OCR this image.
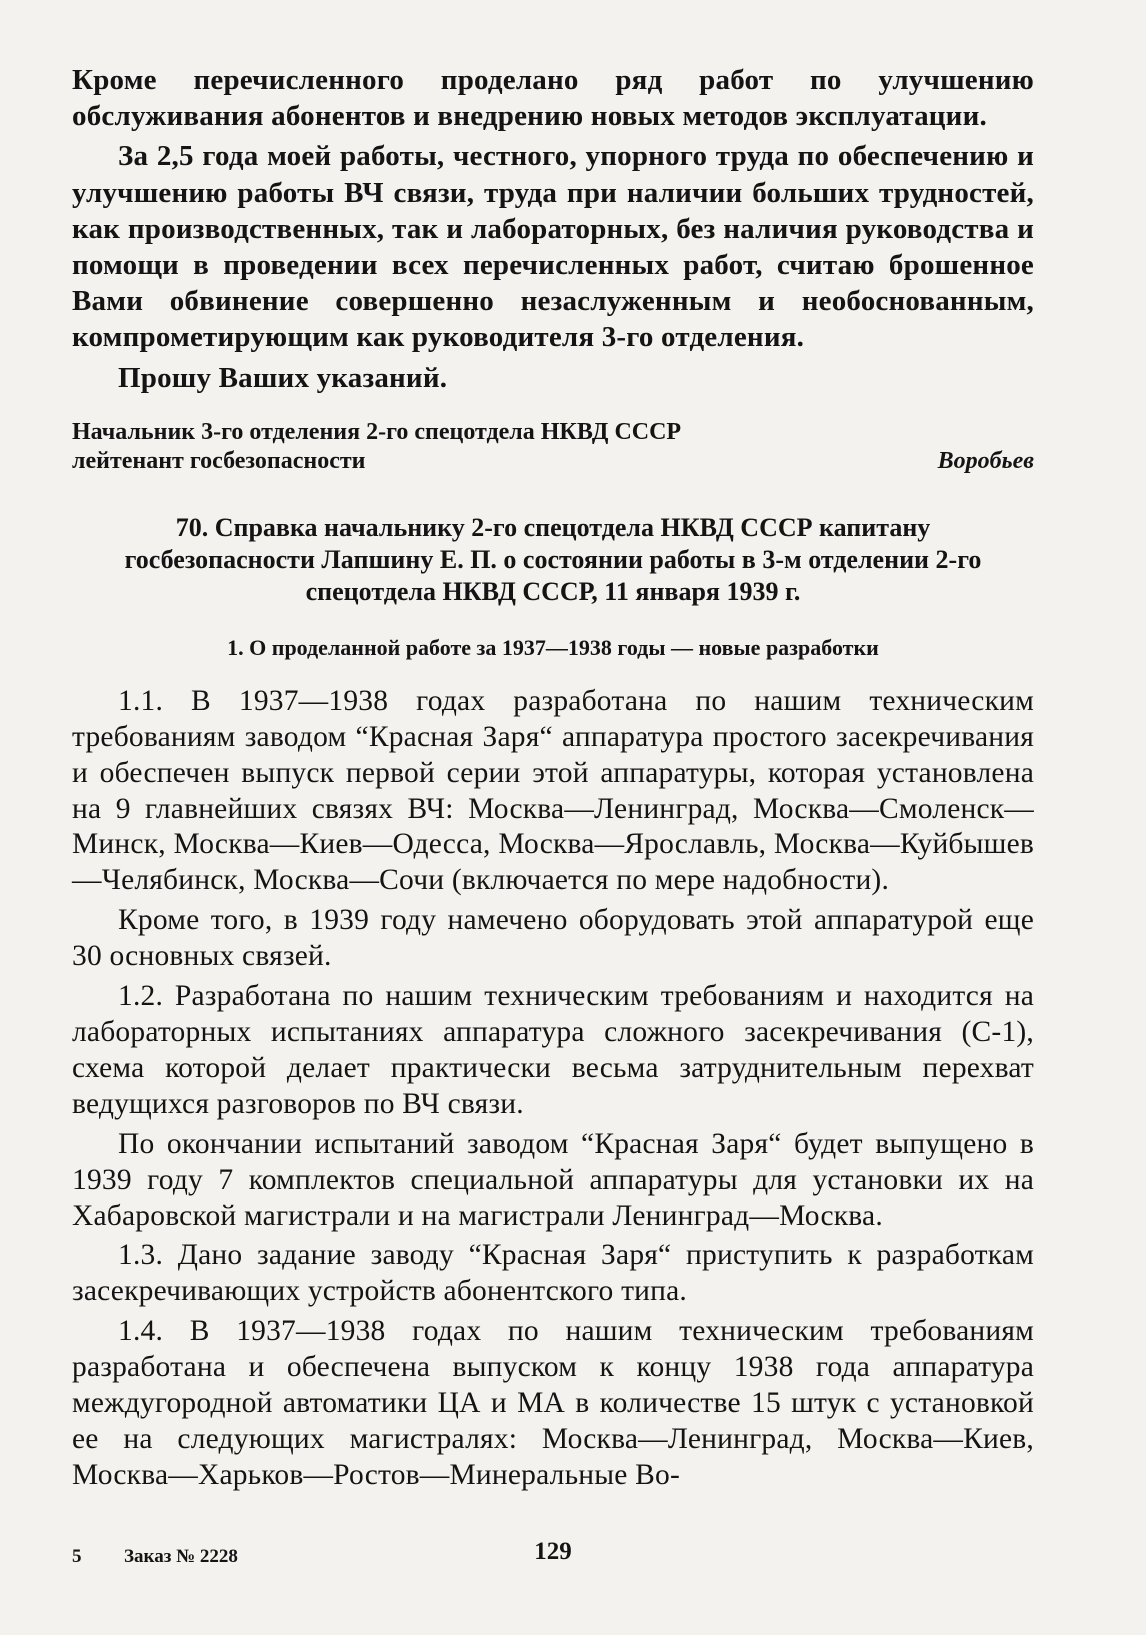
Кроме перечисленного проделано ряд работ по улучшению обслуживания абонентов и внедрению новых методов эксплуатации.

За 2,5 года моей работы, честного, упорного труда по обеспечению и улучшению работы ВЧ связи, труда при наличии больших трудностей, как производственных, так и лабораторных, без наличия руководства и помощи в проведении всех перечисленных работ, считаю брошенное Вами обвинение совершенно незаслуженным и необоснованным, компрометирующим как руководителя 3-го отделения.

Прошу Ваших указаний.

Начальник 3-го отделения 2-го спецотдела НКВД СССР
лейтенант госбезопасности	Воробьев
70. Справка начальнику 2-го спецотдела НКВД СССР капитану госбезопасности Лапшину Е. П. о состоянии работы в 3-м отделении 2-го спецотдела НКВД СССР, 11 января 1939 г.
1. О проделанной работе за 1937—1938 годы — новые разработки

1.1. В 1937—1938 годах разработана по нашим техническим требованиям заводом “Красная Заря“ аппаратура простого засекречивания и обеспечен выпуск первой серии этой аппаратуры, которая установлена на 9 главнейших связях ВЧ: Москва—Ленинград, Москва—Смоленск—Минск, Москва—Киев—Одесса, Москва—Ярославль, Москва—Куйбышев—Челябинск, Москва—Сочи (включается по мере надобности).

Кроме того, в 1939 году намечено оборудовать этой аппаратурой еще 30 основных связей.

1.2. Разработана по нашим техническим требованиям и находится на лабораторных испытаниях аппаратура сложного засекречивания (С-1), схема которой делает практически весьма затруднительным перехват ведущихся разговоров по ВЧ связи.

По окончании испытаний заводом “Красная Заря“ будет выпущено в 1939 году 7 комплектов специальной аппаратуры для установки их на Хабаровской магистрали и на магистрали Ленинград—Москва.

1.3. Дано задание заводу “Красная Заря“ приступить к разработкам засекречивающих устройств абонентского типа.

1.4. В 1937—1938 годах по нашим техническим требованиям разработана и обеспечена выпуском к концу 1938 года аппаратура междугородной автоматики ЦА и МА в количестве 15 штук с установкой ее на следующих магистралях: Москва—Ленинград, Москва—Киев, Москва—Харьков—Ростов—Минеральные Во-

5 Заказ № 2228	129
